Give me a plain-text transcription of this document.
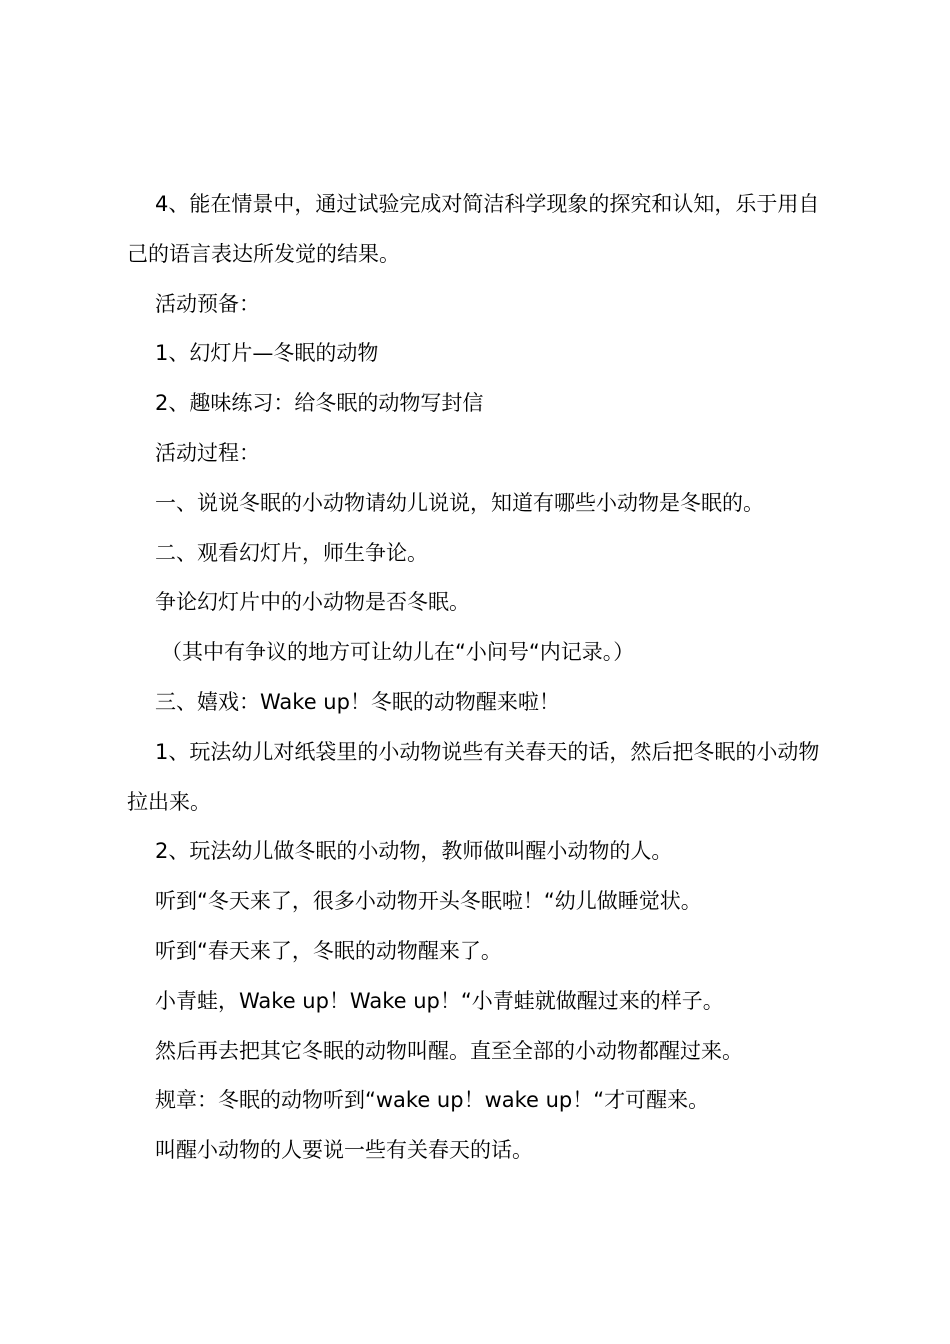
4、能在情景中，通过试验完成对简洁科学现象的探究和认知，乐于用自己的语言表达所发觉的结果。

活动预备：

1、幻灯片—冬眠的动物

2、趣味练习：给冬眠的动物写封信

活动过程：

一、说说冬眠的小动物请幼儿说说，知道有哪些小动物是冬眠的。

二、观看幻灯片，师生争论。

争论幻灯片中的小动物是否冬眠。

（其中有争议的地方可让幼儿在“小问号“内记录。）

三、嬉戏：Wake up！冬眠的动物醒来啦！

1、玩法幼儿对纸袋里的小动物说些有关春天的话，然后把冬眠的小动物拉出来。

2、玩法幼儿做冬眠的小动物，教师做叫醒小动物的人。

听到“冬天来了，很多小动物开头冬眠啦！“幼儿做睡觉状。

听到“春天来了，冬眠的动物醒来了。

小青蛙，Wake up！Wake up！“小青蛙就做醒过来的样子。

然后再去把其它冬眠的动物叫醒。直至全部的小动物都醒过来。

规章：冬眠的动物听到“wake up！wake up！“才可醒来。

叫醒小动物的人要说一些有关春天的话。
